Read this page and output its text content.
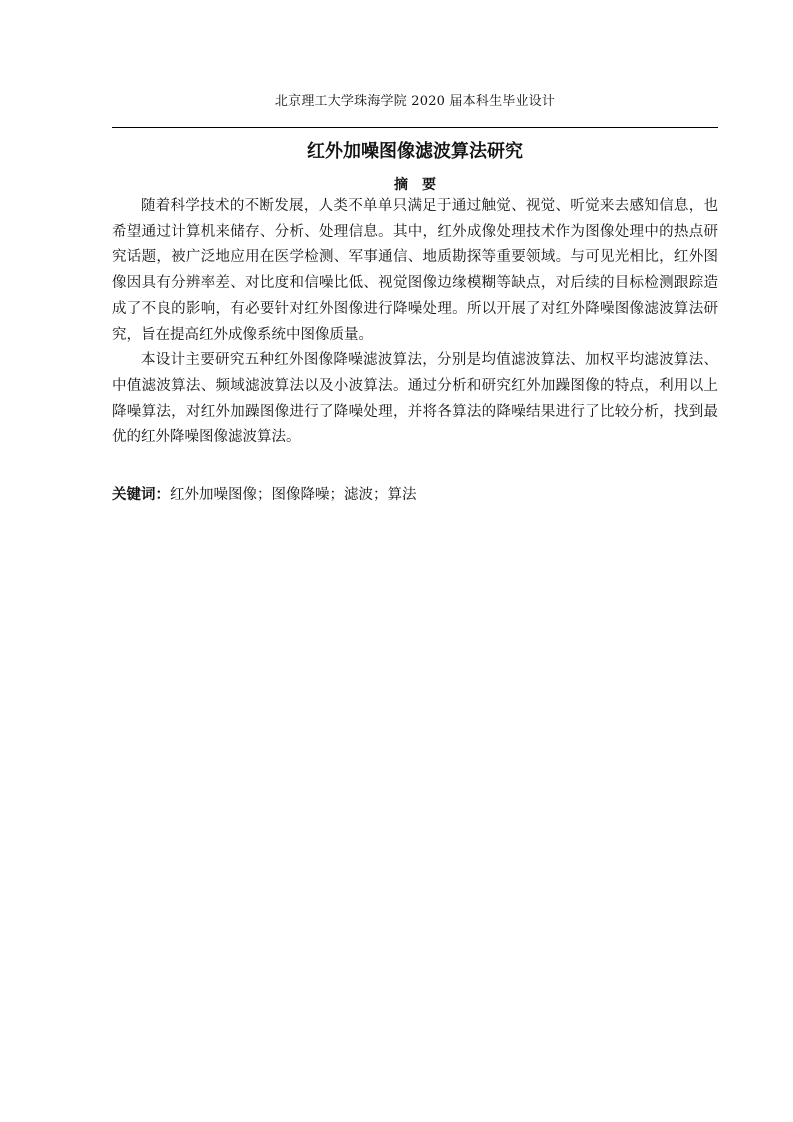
北京理工大学珠海学院 2020 届本科生毕业设计
红外加噪图像滤波算法研究
摘要

随着科学技术的不断发展，人类不单单只满足于通过触觉、视觉、听觉来去感知信息，也希望通过计算机来储存、分析、处理信息。其中，红外成像处理技术作为图像处理中的热点研究话题，被广泛地应用在医学检测、军事通信、地质勘探等重要领域。与可见光相比，红外图像因具有分辨率差、对比度和信噪比低、视觉图像边缘模糊等缺点，对后续的目标检测跟踪造成了不良的影响，有必要针对红外图像进行降噪处理。所以开展了对红外降噪图像滤波算法研究，旨在提高红外成像系统中图像质量。

本设计主要研究五种红外图像降噪滤波算法，分别是均值滤波算法、加权平均滤波算法、中值滤波算法、频域滤波算法以及小波算法。通过分析和研究红外加躁图像的特点，利用以上降噪算法，对红外加躁图像进行了降噪处理，并将各算法的降噪结果进行了比较分析，找到最优的红外降噪图像滤波算法。

关键词：红外加噪图像；图像降噪；滤波；算法
